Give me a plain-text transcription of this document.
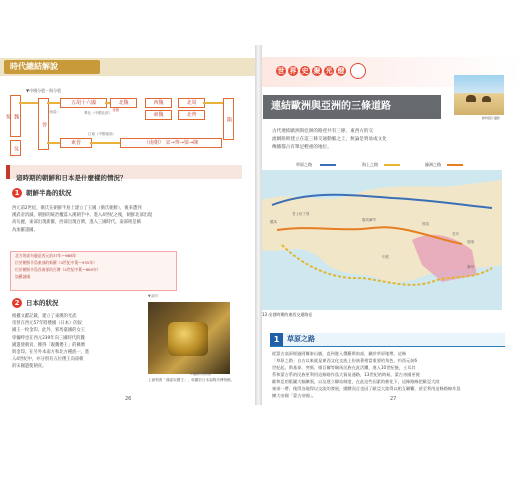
時代總結解說
▼中國分裂－與分裂
魏
蜀
吳
晉
（西晉）
五胡十六國
華北（中國北部）
北魏	西魏	北周
東魏	北齊
北朝
隋
東晉
江南（中國南部）
（南朝） 宋→齊→梁→陳
這時期的朝鮮和日本是什麼樣的情況？
1	朝鮮半島的狀況
西元前2世紀，衛氏在朝鮮半島上建立了王國（衛氏朝鮮），後來遭到
漢武帝消滅，朝鮮的統治權落入漢朝手中。進入4世紀之後，朝鮮北部出現
高句麗，東部出現新羅，西部出現百濟，進入三國時代。南部則是稱
為加羅諸國。
北方的高句麗是西元前37年～668年
位於朝鮮半島東部的新羅（4世紀中葉～935年）
位於朝鮮半島西南部的百濟（4世紀中葉～660年）
加羅諸國
2	日本的狀況
根據文獻記載，建立了東漢的光武
帝曾在西元57年將倭國（日本）的奴
國王一枚金印。此外，邪馬臺國的女王
卑彌呼也在西元239年向三國時代的魏
國遣使朝貢，獲得「親魏倭王」的稱號
與金印。在另外本南方和北方種族一，進
入4世紀中，亦分別有五位倭王向南朝
的宋國遣使朝貢。
▼金印
©福岡市博物館
上面刻著「漢委奴國王」，收藏於日本福岡市博物館。
26
世 界 史 聚 光 燈
動物圖片攝影
連結歐洲與亞洲的三條道路
古代連結歐洲與亞洲的路徑共有三條，東西方的交
流網絡則建立在這三條交通動脈之上，無論是貿易或文化
傳播都占有舉足輕重的地位。
草原之路	海上之路	綠洲之路
羅馬
君士坦丁堡
撒馬爾罕
長安
洛陽
敦煌
印度
廣州
13 出發時期的東西交通路徑
1	草原之路
從蒙古高原經過阿爾泰山脈，直到進入俄羅斯南部，屬於草原地帶。這條
「草原之路」自古以來就是東西文化交流上扮演著相當重要的角色，約西元前6
世紀起，斯基泰、突厥、維吾爾等騎馬民族在此活躍，進入10世紀後，土耳其
系和蒙古系的民族更利用這條路作爲大貿易通路，13世紀的時候，蒙古帝國更使
歐和亞的版圖大幅擴張，以及建立驛站制度，在此這些因素的催化下，這條路線把歐亞大陸
東部一帶，使得各地得以交流的發展，總體而言也因了歐亞大陸得以相互聯繫，甚至利用這條路線作爲
擴大帝國「蒙古帝國」。
27
